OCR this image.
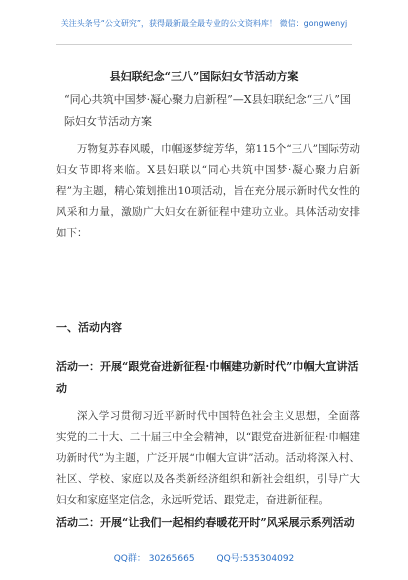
关注头条号“公文研究”，获得最新最全最专业的公文资料库！ 微信：gongwenyj
县妇联纪念“三八”国际妇女节活动方案
“同心共筑中国梦·凝心聚力启新程”—X县妇联纪念“三八”国际妇女节活动方案
万物复苏春风暖，巾帼逐梦绽芳华，第115个“三八”国际劳动妇女节即将来临。X县妇联以“同心共筑中国梦·凝心聚力启新程”为主题，精心策划推出10项活动，旨在充分展示新时代女性的风采和力量，激励广大妇女在新征程中建功立业。具体活动安排如下：
一、活动内容
活动一：开展“跟党奋进新征程·巾帼建功新时代”巾帼大宣讲活动
深入学习贯彻习近平新时代中国特色社会主义思想，全面落实党的二十大、二十届三中全会精神，以“跟党奋进新征程·巾帼建功新时代”为主题，广泛开展“巾帼大宣讲”活动。活动将深入村、社区、学校、家庭以及各类新经济组织和新社会组织，引导广大妇女和家庭坚定信念，永远听党话、跟党走，奋进新征程。
活动二：开展“让我们一起相约春暖花开时”风采展示系列活动
QQ群： 30265665 QQ号:535304092
